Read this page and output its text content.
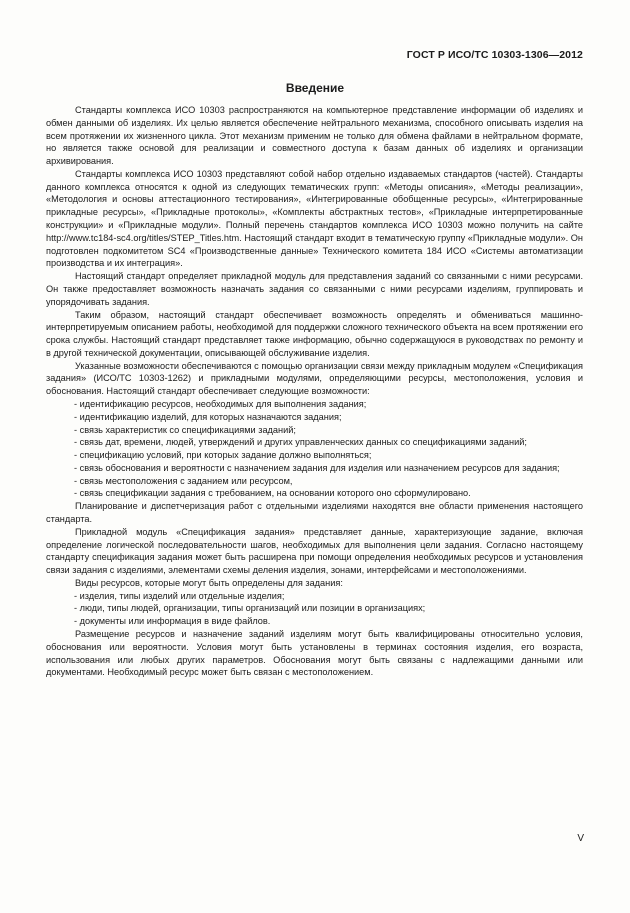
ГОСТ Р ИСО/ТС 10303-1306—2012
Введение

Стандарты комплекса ИСО 10303 распространяются на компьютерное представление информации об изделиях и обмен данными об изделиях. Их целью является обеспечение нейтрального механизма, способного описывать изделия на всем протяжении их жизненного цикла. Этот механизм применим не только для обмена файлами в нейтральном формате, но является также основой для реализации и совместного доступа к базам данных об изделиях и организации архивирования.

Стандарты комплекса ИСО 10303 представляют собой набор отдельно издаваемых стандартов (частей). Стандарты данного комплекса относятся к одной из следующих тематических групп: «Методы описания», «Методы реализации», «Методология и основы аттестационного тестирования», «Интегрированные обобщенные ресурсы», «Интегрированные прикладные ресурсы», «Прикладные протоколы», «Комплекты абстрактных тестов», «Прикладные интерпретированные конструкции» и «Прикладные модули». Полный перечень стандартов комплекса ИСО 10303 можно получить на сайте http://www.tc184-sc4.org/titles/STEP_Titles.htm. Настоящий стандарт входит в тематическую группу «Прикладные модули». Он подготовлен подкомитетом SC4 «Производственные данные» Технического комитета 184 ИСО «Системы автоматизации производства и их интеграция».

Настоящий стандарт определяет прикладной модуль для представления заданий со связанными с ними ресурсами. Он также предоставляет возможность назначать задания со связанными с ними ресурсами изделиям, группировать и упорядочивать задания.

Таким образом, настоящий стандарт обеспечивает возможность определять и обмениваться машинно-интерпретируемым описанием работы, необходимой для поддержки сложного технического объекта на всем протяжении его срока службы. Настоящий стандарт представляет также информацию, обычно содержащуюся в руководствах по ремонту и в другой технической документации, описывающей обслуживание изделия.

Указанные возможности обеспечиваются с помощью организации связи между прикладным модулем «Спецификация задания» (ИСО/ТС 10303-1262) и прикладными модулями, определяющими ресурсы, местоположения, условия и обоснования. Настоящий стандарт обеспечивает следующие возможности:

- идентификацию ресурсов, необходимых для выполнения задания;

- идентификацию изделий, для которых назначаются задания;

- связь характеристик со спецификациями заданий;

- связь дат, времени, людей, утверждений и других управленческих данных со спецификациями заданий;

- спецификацию условий, при которых задание должно выполняться;

- связь обоснования и вероятности с назначением задания для изделия или назначением ресурсов для задания;

- связь местоположения с заданием или ресурсом,

- связь спецификации задания с требованием, на основании которого оно сформулировано.

Планирование и диспетчеризация работ с отдельными изделиями находятся вне области применения настоящего стандарта.

Прикладной модуль «Спецификация задания» представляет данные, характеризующие задание, включая определение логической последовательности шагов, необходимых для выполнения цели задания. Согласно настоящему стандарту спецификация задания может быть расширена при помощи определения необходимых ресурсов и установления связи задания с изделиями, элементами схемы деления изделия, зонами, интерфейсами и местоположениями.

Виды ресурсов, которые могут быть определены для задания:

- изделия, типы изделий или отдельные изделия;

- люди, типы людей, организации, типы организаций или позиции в организациях;

- документы или информация в виде файлов.

Размещение ресурсов и назначение заданий изделиям могут быть квалифицированы относительно условия, обоснования или вероятности. Условия могут быть установлены в терминах состояния изделия, его возраста, использования или любых других параметров. Обоснования могут быть связаны с надлежащими данными или документами. Необходимый ресурс может быть связан с местоположением.

V
